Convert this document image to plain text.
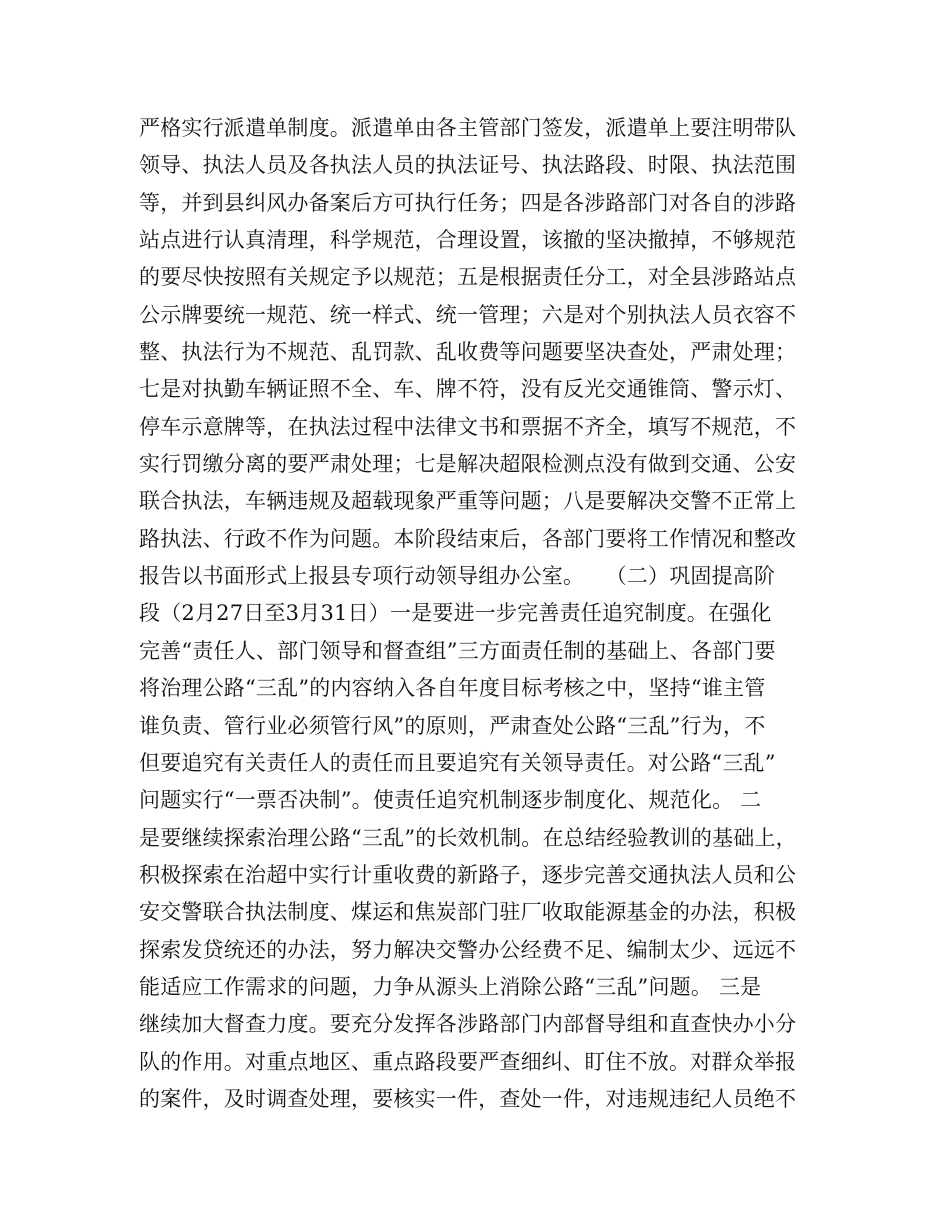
严格实行派遣单制度。派遣单由各主管部门签发，派遣单上要注明带队
领导、执法人员及各执法人员的执法证号、执法路段、时限、执法范围
等，并到县纠风办备案后方可执行任务；四是各涉路部门对各自的涉路
站点进行认真清理，科学规范，合理设置，该撤的坚决撤掉，不够规范
的要尽快按照有关规定予以规范；五是根据责任分工，对全县涉路站点
公示牌要统一规范、统一样式、统一管理；六是对个别执法人员衣容不
整、执法行为不规范、乱罚款、乱收费等问题要坚决查处，严肃处理；
七是对执勤车辆证照不全、车、牌不符，没有反光交通锥筒、警示灯、
停车示意牌等，在执法过程中法律文书和票据不齐全，填写不规范，不
实行罚缴分离的要严肃处理；七是解决超限检测点没有做到交通、公安
联合执法，车辆违规及超载现象严重等问题；八是要解决交警不正常上
路执法、行政不作为问题。本阶段结束后，各部门要将工作情况和整改
报告以书面形式上报县专项行动领导组办公室。　　（二）巩固提高阶
段（2月27日至3月31日）一是要进一步完善责任追究制度。在强化
完善“责任人、部门领导和督查组”三方面责任制的基础上、各部门要
将治理公路“三乱”的内容纳入各自年度目标考核之中，坚持“谁主管
谁负责、管行业必须管行风”的原则，严肃查处公路“三乱”行为，不
但要追究有关责任人的责任而且要追究有关领导责任。对公路“三乱”
问题实行“一票否决制”。使责任追究机制逐步制度化、规范化。 二
是要继续探索治理公路“三乱”的长效机制。在总结经验教训的基础上，
积极探索在治超中实行计重收费的新路子，逐步完善交通执法人员和公
安交警联合执法制度、煤运和焦炭部门驻厂收取能源基金的办法，积极
探索发贷统还的办法，努力解决交警办公经费不足、编制太少、远远不
能适应工作需求的问题，力争从源头上消除公路“三乱”问题。 三是
继续加大督查力度。要充分发挥各涉路部门内部督导组和直查快办小分
队的作用。对重点地区、重点路段要严查细纠、盯住不放。对群众举报
的案件，及时调查处理，要核实一件，查处一件，对违规违纪人员绝不
